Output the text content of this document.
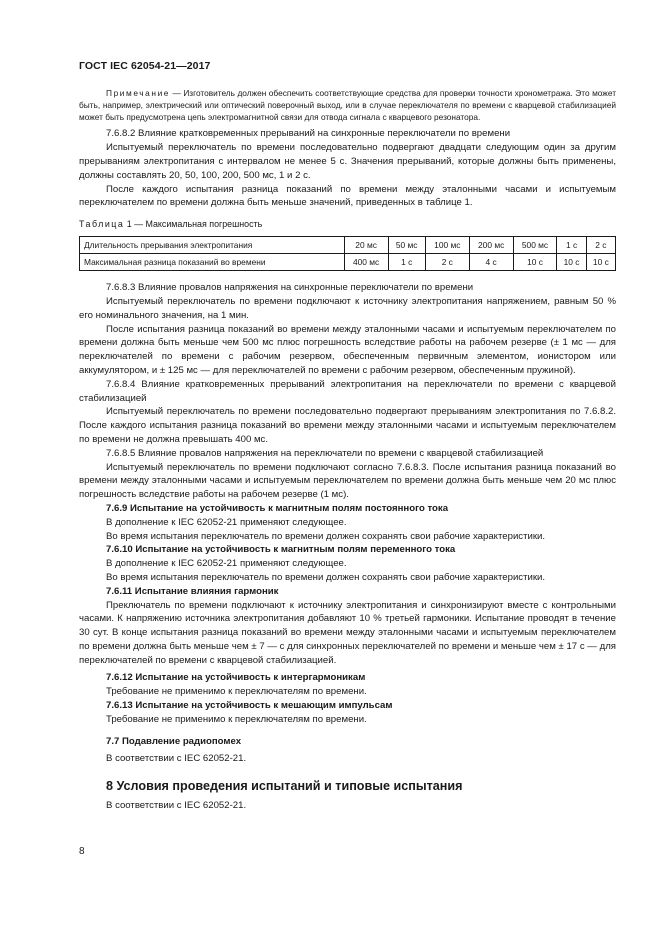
ГОСТ IEC 62054-21—2017

Примечание — Изготовитель должен обеспечить соответствующие средства для проверки точности хронометража. Это может быть, например, электрический или оптический поверочный выход, или в случае переключателя по времени с кварцевой стабилизацией может быть предусмотрена цепь электромагнитной связи для отвода сигнала с кварцевого резонатора.

7.6.8.2 Влияние кратковременных прерываний на синхронные переключатели по времени

Испытуемый переключатель по времени последовательно подвергают двадцати следующим один за другим прерываниям электропитания с интервалом не менее 5 с. Значения прерываний, которые должны быть применены, должны составлять 20, 50, 100, 200, 500 мс, 1 и 2 с.

После каждого испытания разница показаний по времени между эталонными часами и испытуемым переключателем по времени должна быть меньше значений, приведенных в таблице 1.

Таблица 1 — Максимальная погрешность
Длительность прерывания электропитания	20 мс	50 мс	100 мс	200 мс	500 мс	1 с	2 с
Максимальная разница показаний во времени	400 мс	1 с	2 с	4 с	10 с	10 с	10 с

7.6.8.3 Влияние провалов напряжения на синхронные переключатели по времени

Испытуемый переключатель по времени подключают к источнику электропитания напряжением, равным 50 % его номинального значения, на 1 мин.

После испытания разница показаний во времени между эталонными часами и испытуемым переключателем по времени должна быть меньше чем 500 мс плюс погрешность вследствие работы на рабочем резерве (± 1 мс — для переключателей по времени с рабочим резервом, обеспеченным первичным элементом, ионистором или аккумулятором, и ± 125 мс — для переключателей по времени с рабочим резервом, обеспеченным пружиной).

7.6.8.4 Влияние кратковременных прерываний электропитания на переключатели по времени с кварцевой стабилизацией

Испытуемый переключатель по времени последовательно подвергают прерываниям электропитания по 7.6.8.2. После каждого испытания разница показаний во времени между эталонными часами и испытуемым переключателем по времени не должна превышать 400 мс.

7.6.8.5 Влияние провалов напряжения на переключатели по времени с кварцевой стабилизацией

Испытуемый переключатель по времени подключают согласно 7.6.8.3. После испытания разница показаний во времени между эталонными часами и испытуемым переключателем по времени должна быть меньше чем 20 мс плюс погрешность вследствие работы на рабочем резерве (1 мс).

7.6.9 Испытание на устойчивость к магнитным полям постоянного тока

В дополнение к IEC 62052-21 применяют следующее.

Во время испытания переключатель по времени должен сохранять свои рабочие характеристики.

7.6.10 Испытание на устойчивость к магнитным полям переменного тока

В дополнение к IEC 62052-21 применяют следующее.

Во время испытания переключатель по времени должен сохранять свои рабочие характеристики.

7.6.11 Испытание влияния гармоник

Преключатель по времени подключают к источнику электропитания и синхронизируют вместе с контрольными часами. К напряжению источника электропитания добавляют 10 % третьей гармоники. Испытание проводят в течение 30 сут. В конце испытания разница показаний во времени между эталонными часами и испытуемым переключателем по времени должна быть меньше чем ± 7 — с для синхронных переключателей по времени и меньше чем ± 17 с — для переключателей по времени с кварцевой стабилизацией.

7.6.12 Испытание на устойчивость к интергармоникам

Требование не применимо к переключателям по времени.

7.6.13 Испытание на устойчивость к мешающим импульсам

Требование не применимо к переключателям по времени.

7.7 Подавление радиопомех

В соответствии с IEC 62052-21.

8 Условия проведения испытаний и типовые испытания

В соответствии с IEC 62052-21.

8
